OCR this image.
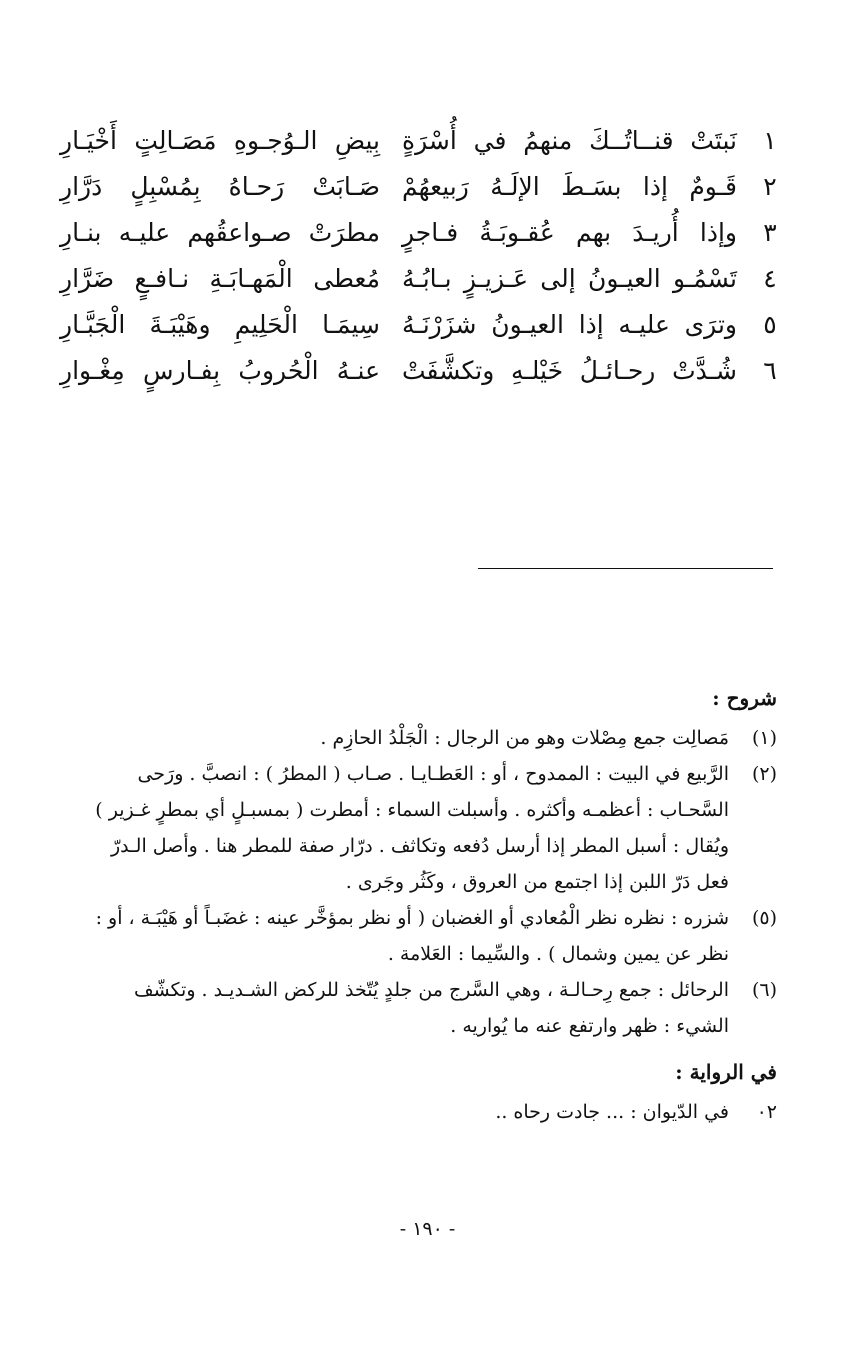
١
نَبتَتْ قنــاتُــكَ منهمُ في أُسْرَةٍ
بِيضِ الـوُجـوهِ مَصَـالِتٍ أَخْيَـارِ
٢
قَـومٌ إذا بسَـطَ الإلَـهُ رَبيعهُمْ
صَـابَتْ رَحـاهُ بِمُسْبِلٍ دَرَّارِ
٣
وإذا أُريـدَ بهم عُقـوبَـةُ فـاجرٍ
مطرَتْ صـواعقُهم عليـه بنـارِ
٤
تَسْمُـو العيـونُ إلى عَـزيـزٍ بـابُـهُ
مُعطى الْمَهـابَـةِ نـافـعٍ ضَرَّارِ
٥
وترَى عليـه إذا العيـونُ شزَرْنَـهُ
سِيمَـا الْحَلِيمِ وهَيْبَـةَ الْجَبَّـارِ
٦
شُـدَّتْ رحـائـلُ خَيْلـهِ وتكشَّفَتْ
عنـهُ الْحُروبُ بِفـارسٍ مِغْـوارِ
شروح :
(١)
مَصالِت جمع مِصْلات وهو من الرجال : الْجَلْدُ الحازِم .
(٢)
الرَّبيع في البيت : الممدوح ، أو : العَطـايـا . صـاب ( المطرُ ) : انصبَّ . ورَحى
السَّحـاب : أعظمـه وأكثره . وأسبلت السماء : أمطرت ( بمسبـلٍ أي بمطرٍ غـزير )
ويُقال : أسبل المطر إذا أرسل دُفعه وتكاثف . درّار صفة للمطر هنا . وأصل الـدرّ
فعل دَرّ اللبن إذا اجتمع من العروق ، وكَثُر وجَرى .
(٥)
شزره : نظره نظر الْمُعادي أو الغضبان ( أو نظر بمؤخَّر عينه : غضَبـاً أو هَيْبَـة ، أو :
نظر عن يمين وشمال ) . والسِّيما : العَلامة .
(٦)
الرحائل : جمع رِحـالـة ، وهي السَّرج من جلدٍ يُتّخذ للركض الشـديـد . وتكشّف
الشيء : ظهر وارتفع عنه ما يُواريه .
في الرواية :
٠٢
في الدّيوان : ... جادت رحاه ..
- ١٩٠ -
